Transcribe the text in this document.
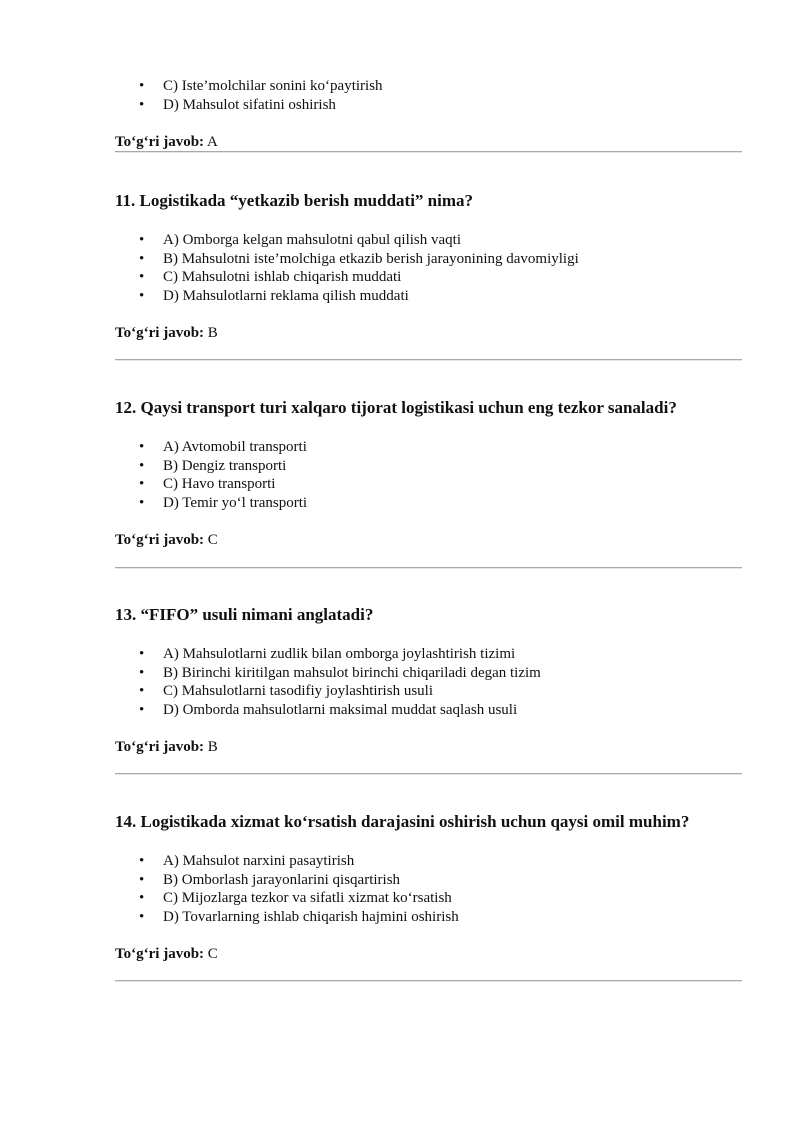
• C) Iste’molchilar sonini ko‘paytirish
• D) Mahsulot sifatini oshirish
To‘g‘ri javob: A
11. Logistikada “yetkazib berish muddati” nima?
• A) Omborga kelgan mahsulotni qabul qilish vaqti
• B) Mahsulotni iste’molchiga etkazib berish jarayonining davomiyligi
• C) Mahsulotni ishlab chiqarish muddati
• D) Mahsulotlarni reklama qilish muddati
To‘g‘ri javob: B
12. Qaysi transport turi xalqaro tijorat logistikasi uchun eng tezkor sanaladi?
• A) Avtomobil transporti
• B) Dengiz transporti
• C) Havo transporti
• D) Temir yo‘l transporti
To‘g‘ri javob: C
13. “FIFO” usuli nimani anglatadi?
• A) Mahsulotlarni zudlik bilan omborga joylashtirish tizimi
• B) Birinchi kiritilgan mahsulot birinchi chiqariladi degan tizim
• C) Mahsulotlarni tasodifiy joylashtirish usuli
• D) Omborda mahsulotlarni maksimal muddat saqlash usuli
To‘g‘ri javob: B
14. Logistikada xizmat ko‘rsatish darajasini oshirish uchun qaysi omil muhim?
• A) Mahsulot narxini pasaytirish
• B) Omborlash jarayonlarini qisqartirish
• C) Mijozlarga tezkor va sifatli xizmat ko‘rsatish
• D) Tovarlarning ishlab chiqarish hajmini oshirish
To‘g‘ri javob: C
